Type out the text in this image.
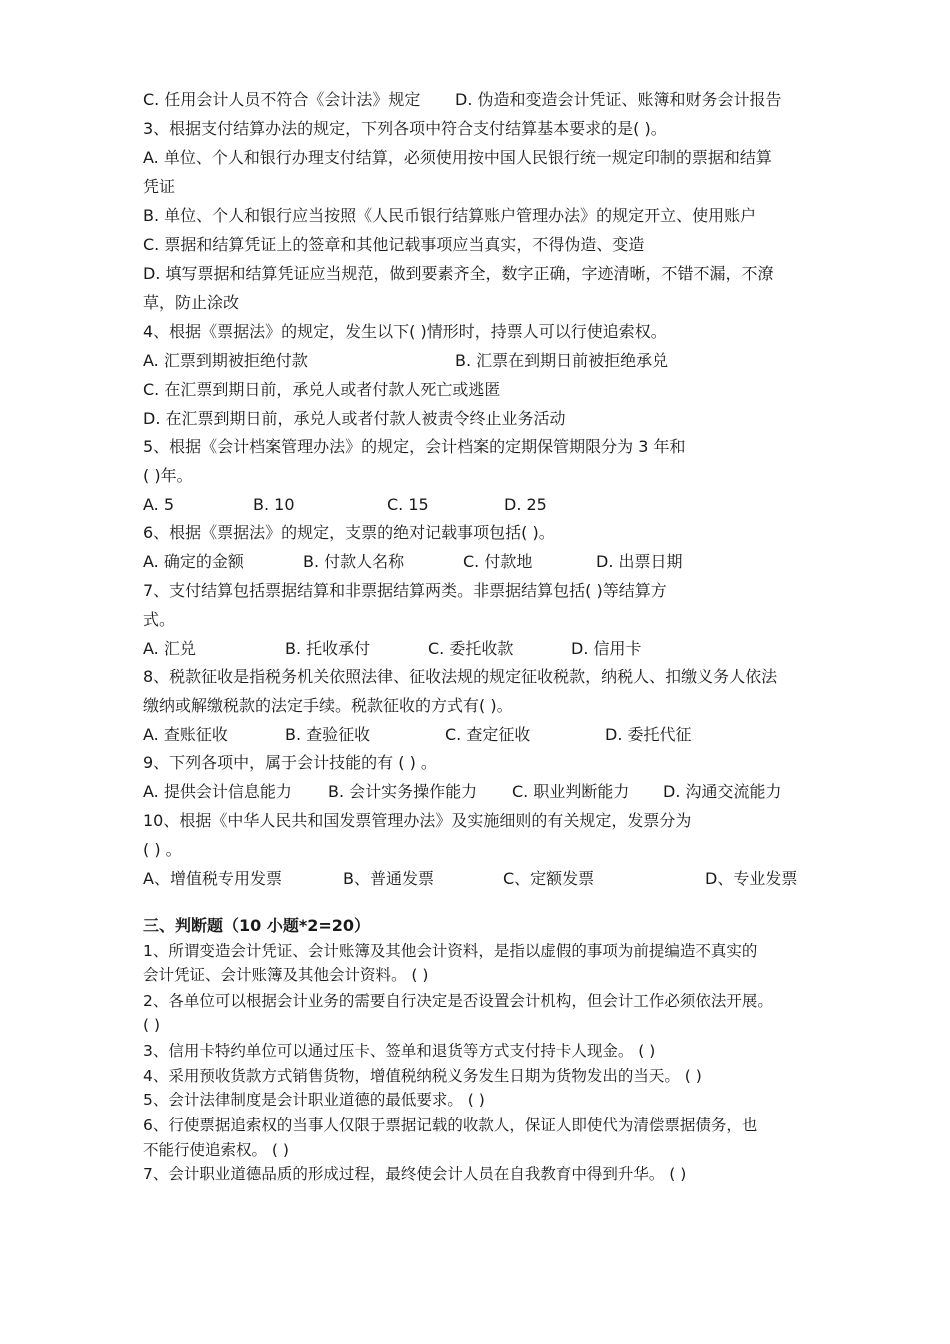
C. 任用会计人员不符合《会计法》规定 D. 伪造和变造会计凭证、账簿和财务会计报告
3、根据支付结算办法的规定，下列各项中符合支付结算基本要求的是( )。
A. 单位、个人和银行办理支付结算，必须使用按中国人民银行统一规定印制的票据和结算
凭证
B. 单位、个人和银行应当按照《人民币银行结算账户管理办法》的规定开立、使用账户
C. 票据和结算凭证上的签章和其他记载事项应当真实，不得伪造、变造
D. 填写票据和结算凭证应当规范，做到要素齐全，数字正确，字迹清晰，不错不漏，不潦
草，防止涂改
4、根据《票据法》的规定，发生以下( )情形时，持票人可以行使追索权。
A. 汇票到期被拒绝付款	B. 汇票在到期日前被拒绝承兑
C. 在汇票到期日前，承兑人或者付款人死亡或逃匿
D. 在汇票到期日前，承兑人或者付款人被责令终止业务活动
5、根据《会计档案管理办法》的规定，会计档案的定期保管期限分为 3 年和
( )年。
A. 5	B. 10	C. 15	D. 25
6、根据《票据法》的规定，支票的绝对记载事项包括( )。
A. 确定的金额	B. 付款人名称	C. 付款地	D. 出票日期
7、支付结算包括票据结算和非票据结算两类。非票据结算包括( )等结算方
式。
A. 汇兑	B. 托收承付	C. 委托收款	D. 信用卡
8、税款征收是指税务机关依照法律、征收法规的规定征收税款，纳税人、扣缴义务人依法
缴纳或解缴税款的法定手续。税款征收的方式有( )。
A. 查账征收	B. 查验征收	C. 查定征收	D. 委托代征
9、下列各项中，属于会计技能的有 ( ) 。
A. 提供会计信息能力 B. 会计实务操作能力 C. 职业判断能力 D. 沟通交流能力
10、根据《中华人民共和国发票管理办法》及实施细则的有关规定，发票分为
( ) 。
A、增值税专用发票	B、普通发票	C、定额发票	D、专业发票
三、判断题（10 小题*2=20）
1、所谓变造会计凭证、会计账簿及其他会计资料，是指以虚假的事项为前提编造不真实的
会计凭证、会计账簿及其他会计资料。 ( )
2、各单位可以根据会计业务的需要自行决定是否设置会计机构，但会计工作必须依法开展。
( )
3、信用卡特约单位可以通过压卡、签单和退货等方式支付持卡人现金。 ( )
4、采用预收货款方式销售货物，增值税纳税义务发生日期为货物发出的当天。 ( )
5、会计法律制度是会计职业道德的最低要求。 ( )
6、行使票据追索权的当事人仅限于票据记载的收款人，保证人即使代为清偿票据债务，也
不能行使追索权。 ( )
7、会计职业道德品质的形成过程，最终使会计人员在自我教育中得到升华。 ( )
